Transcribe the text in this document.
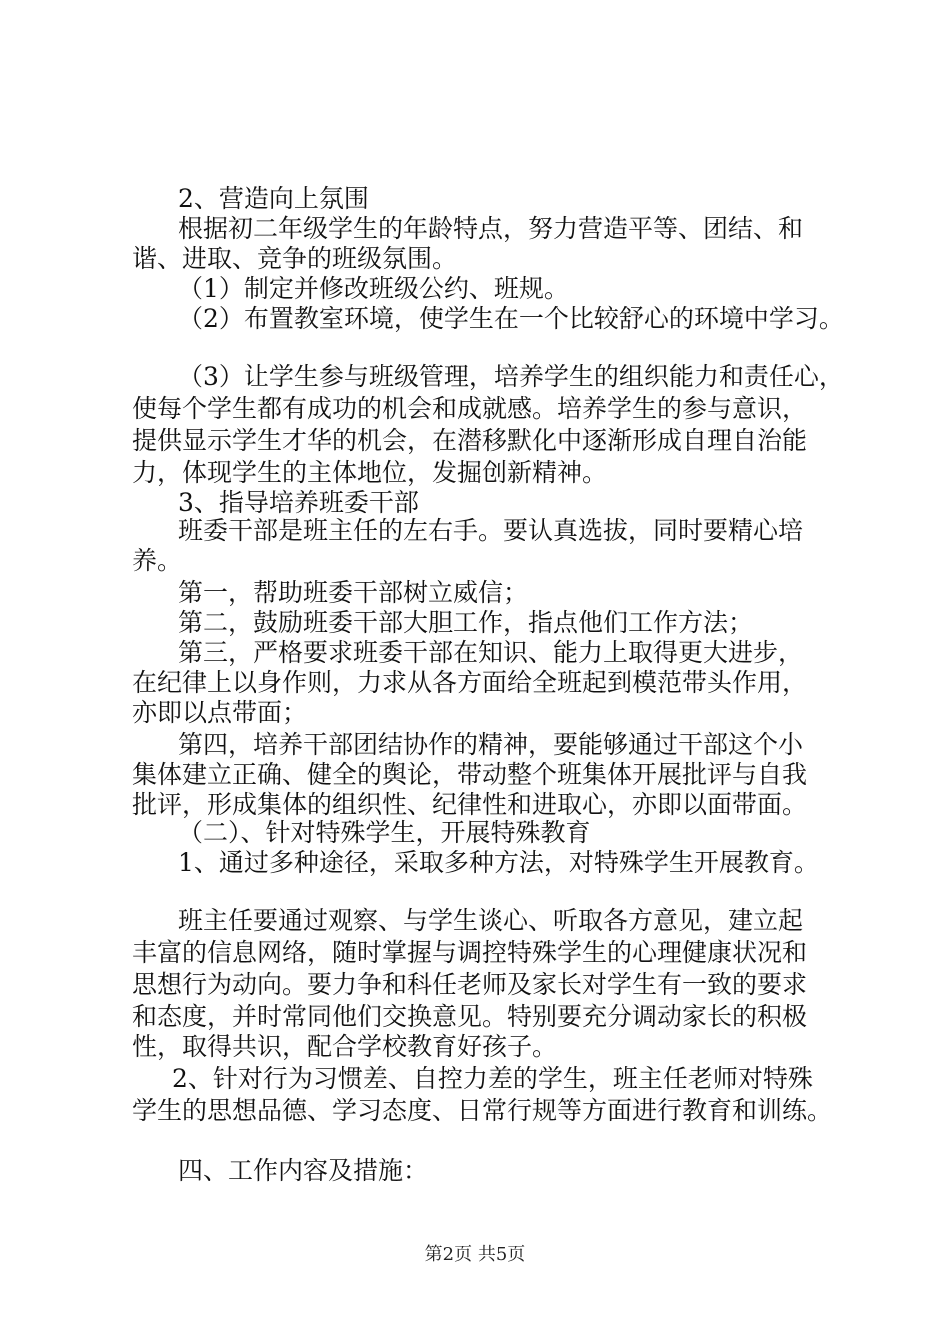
2、营造向上氛围
根据初二年级学生的年龄特点，努力营造平等、团结、和
谐、进取、竞争的班级氛围。
（1）制定并修改班级公约、班规。
（2）布置教室环境，使学生在一个比较舒心的环境中学习。
（3）让学生参与班级管理，培养学生的组织能力和责任心，
使每个学生都有成功的机会和成就感。培养学生的参与意识，
提供显示学生才华的机会，在潜移默化中逐渐形成自理自治能
力，体现学生的主体地位，发掘创新精神。
3、指导培养班委干部
班委干部是班主任的左右手。要认真选拔，同时要精心培
养。
第一，帮助班委干部树立威信；
第二，鼓励班委干部大胆工作，指点他们工作方法；
第三，严格要求班委干部在知识、能力上取得更大进步，
在纪律上以身作则，力求从各方面给全班起到模范带头作用，
亦即以点带面；
第四，培养干部团结协作的精神，要能够通过干部这个小
集体建立正确、健全的舆论，带动整个班集体开展批评与自我
批评，形成集体的组织性、纪律性和进取心，亦即以面带面。
（二）、针对特殊学生，开展特殊教育
1、通过多种途径，采取多种方法，对特殊学生开展教育。
班主任要通过观察、与学生谈心、听取各方意见，建立起
丰富的信息网络，随时掌握与调控特殊学生的心理健康状况和
思想行为动向。要力争和科任老师及家长对学生有一致的要求
和态度，并时常同他们交换意见。特别要充分调动家长的积极
性，取得共识，配合学校教育好孩子。
2、针对行为习惯差、自控力差的学生，班主任老师对特殊
学生的思想品德、学习态度、日常行规等方面进行教育和训练。
四、工作内容及措施：
第2页 共5页
